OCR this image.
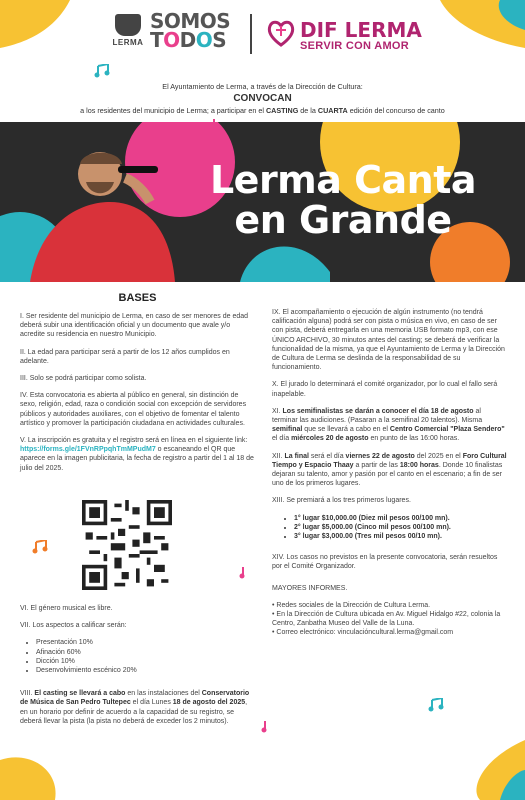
LERMA
SOMOS
TODOS	DIF LERMA
SERVIR CON AMOR
El Ayuntamiento de Lerma, a través de la Dirección de Cultura:
CONVOCAN
a los residentes del municipio de Lerma; a participar en el CASTING de la CUARTA edición del concurso de canto
Lerma Canta
en Grande
BASES

I. Ser residente del municipio de Lerma, en caso de ser menores de edad deberá subir una identificación oficial y un documento que avale y/o acredite su residencia en nuestro Municipio.

II. La edad para participar será a partir de los 12 años cumplidos en adelante.

III. Solo se podrá participar como solista.

IV. Esta convocatoria es abierta al público en general, sin distinción de sexo, religión, edad, raza o condición social con excepción de servidores públicos y autoridades auxiliares, con el objetivo de fomentar el talento artístico y promover la participación ciudadana en actividades culturales.

V. La inscripción es gratuita y el registro será en línea en el siguiente link: https://forms.gle/1FVnRPpqhTmMPudM7 o escaneando el QR que aparece en la imagen publicitaria, la fecha de registro a partir del 1 al 18 de julio del 2025.

VI. El género musical es libre.

VII. Los aspectos a calificar serán:

• Presentación 10%
• Afinación 60%
• Dicción 10%
• Desenvolvimiento escénico 20%

VIII. El casting se llevará a cabo en las instalaciones del Conservatorio de Música de San Pedro Tultepec el día Lunes 18 de agosto del 2025, en un horario por definir de acuerdo a la capacidad de su registro, se deberá llevar la pista (la pista no deberá de exceder los 2 minutos).

IX. El acompañamiento o ejecución de algún instrumento (no tendrá calificación alguna) podrá ser con pista o música en vivo, en caso de ser con pista, deberá entregarla en una memoria USB formato mp3, con ese ÚNICO ARCHIVO, 30 minutos antes del casting; se deberá de verificar la funcionalidad de la misma, ya que el Ayuntamiento de Lerma y la Dirección de Cultura de Lerma se deslinda de la responsabilidad de su funcionamiento.

X. El jurado lo determinará el comité organizador, por lo cual el fallo será inapelable.

XI. Los semifinalistas se darán a conocer el día 18 de agosto al terminar las audiciones. (Pasaran a la semifinal 20 talentos). Misma semifinal que se llevará a cabo en el Centro Comercial "Plaza Sendero" el día miércoles 20 de agosto en punto de las 16:00 horas.

XII. La final será el día viernes 22 de agosto del 2025 en el Foro Cultural Tiempo y Espacio Thaay a partir de las 18:00 horas. Donde 10 finalistas dejaran su talento, amor y pasión por el canto en el escenario; a fin de ser uno de los primeros lugares.

XIII. Se premiará a los tres primeros lugares.

• 1° lugar $10,000.00 (Diez mil pesos 00/100 mn).
• 2° lugar $5,000.00 (Cinco mil pesos 00/100 mn).
• 3° lugar $3,000.00 (Tres mil pesos 00/10 mn).

XIV. Los casos no previstos en la presente convocatoria, serán resueltos por el Comité Organizador.

MAYORES INFORMES.

• Redes sociales de la Dirección de Cultura Lerma.
• En la Dirección de Cultura ubicada en Av. Miguel Hidalgo #22, colonia la Centro, Zanbatha Museo del Valle de la Luna.
• Correo electrónico: vinculacióncultural.lerma@gmail.com
